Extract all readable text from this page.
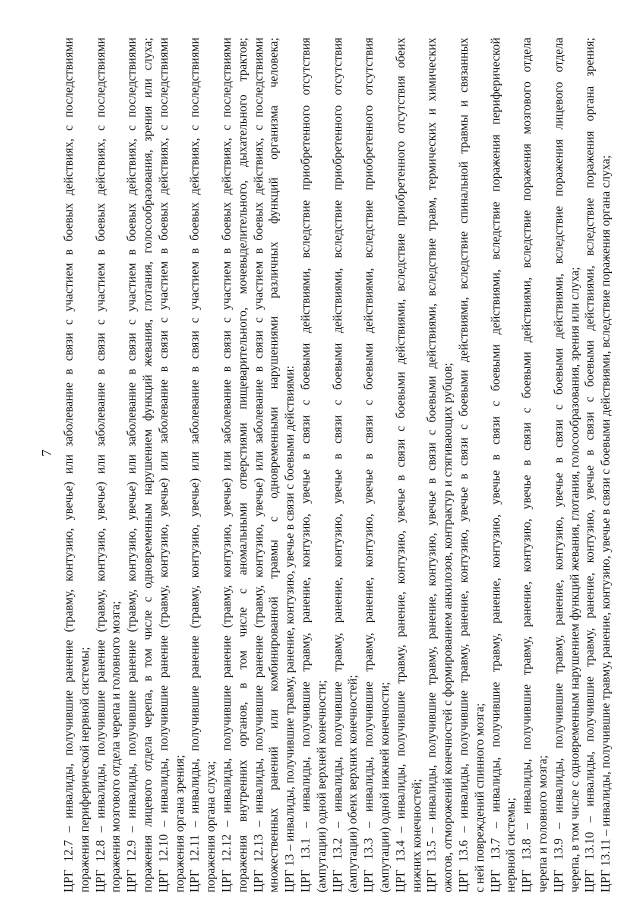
7 ЦРГ 12.7 – инвалиды, получившие ранение (травму, контузию, увечье) или заболевание в связи с участием в боевых действиях, с последствиями поражения периферической нервной системы; ЦРГ 12.8 – инвалиды, получившие ранение (травму, контузию, увечье) или заболевание в связи с участием в боевых действиях, с последствиями поражения мозгового отдела черепа и головного мозга; ЦРГ 12.9 – инвалиды, получившие ранение (травму, контузию, увечье) или заболевание в связи с участием в боевых действиях, с последствиями поражения лицевого отдела черепа, в том числе с одновременным нарушением функций жевания, глотания, голосообразования, зрения или слуха; ЦРГ 12.10 – инвалиды, получившие ранение (травму, контузию, увечье) или заболевание в связи с участием в боевых действиях, с последствиями поражения органа зрения; ЦРГ 12.11 – инвалиды, получившие ранение (травму, контузию, увечье) или заболевание в связи с участием в боевых действиях, с последствиями поражения органа слуха; ЦРГ 12.12 – инвалиды, получившие ранение (травму, контузию, увечье) или заболевание в связи с участием в боевых действиях, с последствиями поражения внутренних органов, в том числе с аномальными отверстиями пищеварительного, мочевыделительного, дыхательного трактов; ЦРГ 12.13 – инвалиды, получившие ранение (травму, контузию, увечье) или заболевание в связи с участием в боевых действиях, с последствиями множественных ранений или комбинированной травмы с одновременными нарушениями различных функций организма человека; ЦРГ 13 – инвалиды, получившие травму, ранение, контузию, увечье в связи с боевыми действиями: ЦРГ 13.1 – инвалиды, получившие травму, ранение, контузию, увечье в связи с боевыми действиями, вследствие приобретенного отсутствия (ампутации) одной верхней конечности; ЦРГ 13.2 – инвалиды, получившие травму, ранение, контузию, увечье в связи с боевыми действиями, вследствие приобретенного отсутствия (ампутации) обеих верхних конечностей; ЦРГ 13.3 – инвалиды, получившие травму, ранение, контузию, увечье в связи с боевыми действиями, вследствие приобретенного отсутствия (ампутации) одной нижней конечности; ЦРГ 13.4 – инвалиды, получившие травму, ранение, контузию, увечье в связи с боевыми действиями, вследствие приобретенного отсутствия обеих нижних конечностей; ЦРГ 13.5 – инвалиды, получившие травму, ранение, контузию, увечье в связи с боевыми действиями, вследствие травм, термических и химических ожогов, отморожений конечностей с формированием анкилозов, контрактур и стягивающих рубцов; ЦРГ 13.6 – инвалиды, получившие травму, ранение, контузию, увечье в связи с боевыми действиями, вследствие спинальной травмы и связанных с ней повреждений спинного мозга; ЦРГ 13.7 – инвалиды, получившие травму, ранение, контузию, увечье в связи с боевыми действиями, вследствие поражения периферической нервной системы; ЦРГ 13.8 – инвалиды, получившие травму, ранение, контузию, увечье в связи с боевыми действиями, вследствие поражения мозгового отдела черепа и головного мозга; ЦРГ 13.9 – инвалиды, получившие травму, ранение, контузию, увечье в связи с боевыми действиями, вследствие поражения лицевого отдела черепа, в том числе с одновременным нарушением функций жевания, глотания, голосообразования, зрения или слуха; ЦРГ 13.10 – инвалиды, получившие травму, ранение, контузию, увечье в связи с боевыми действиями, вследствие поражения органа зрения; ЦРГ 13.11 – инвалиды, получившие травму, ранение, контузию, увечье в связи с боевыми действиями, вследствие поражения органа слуха;
